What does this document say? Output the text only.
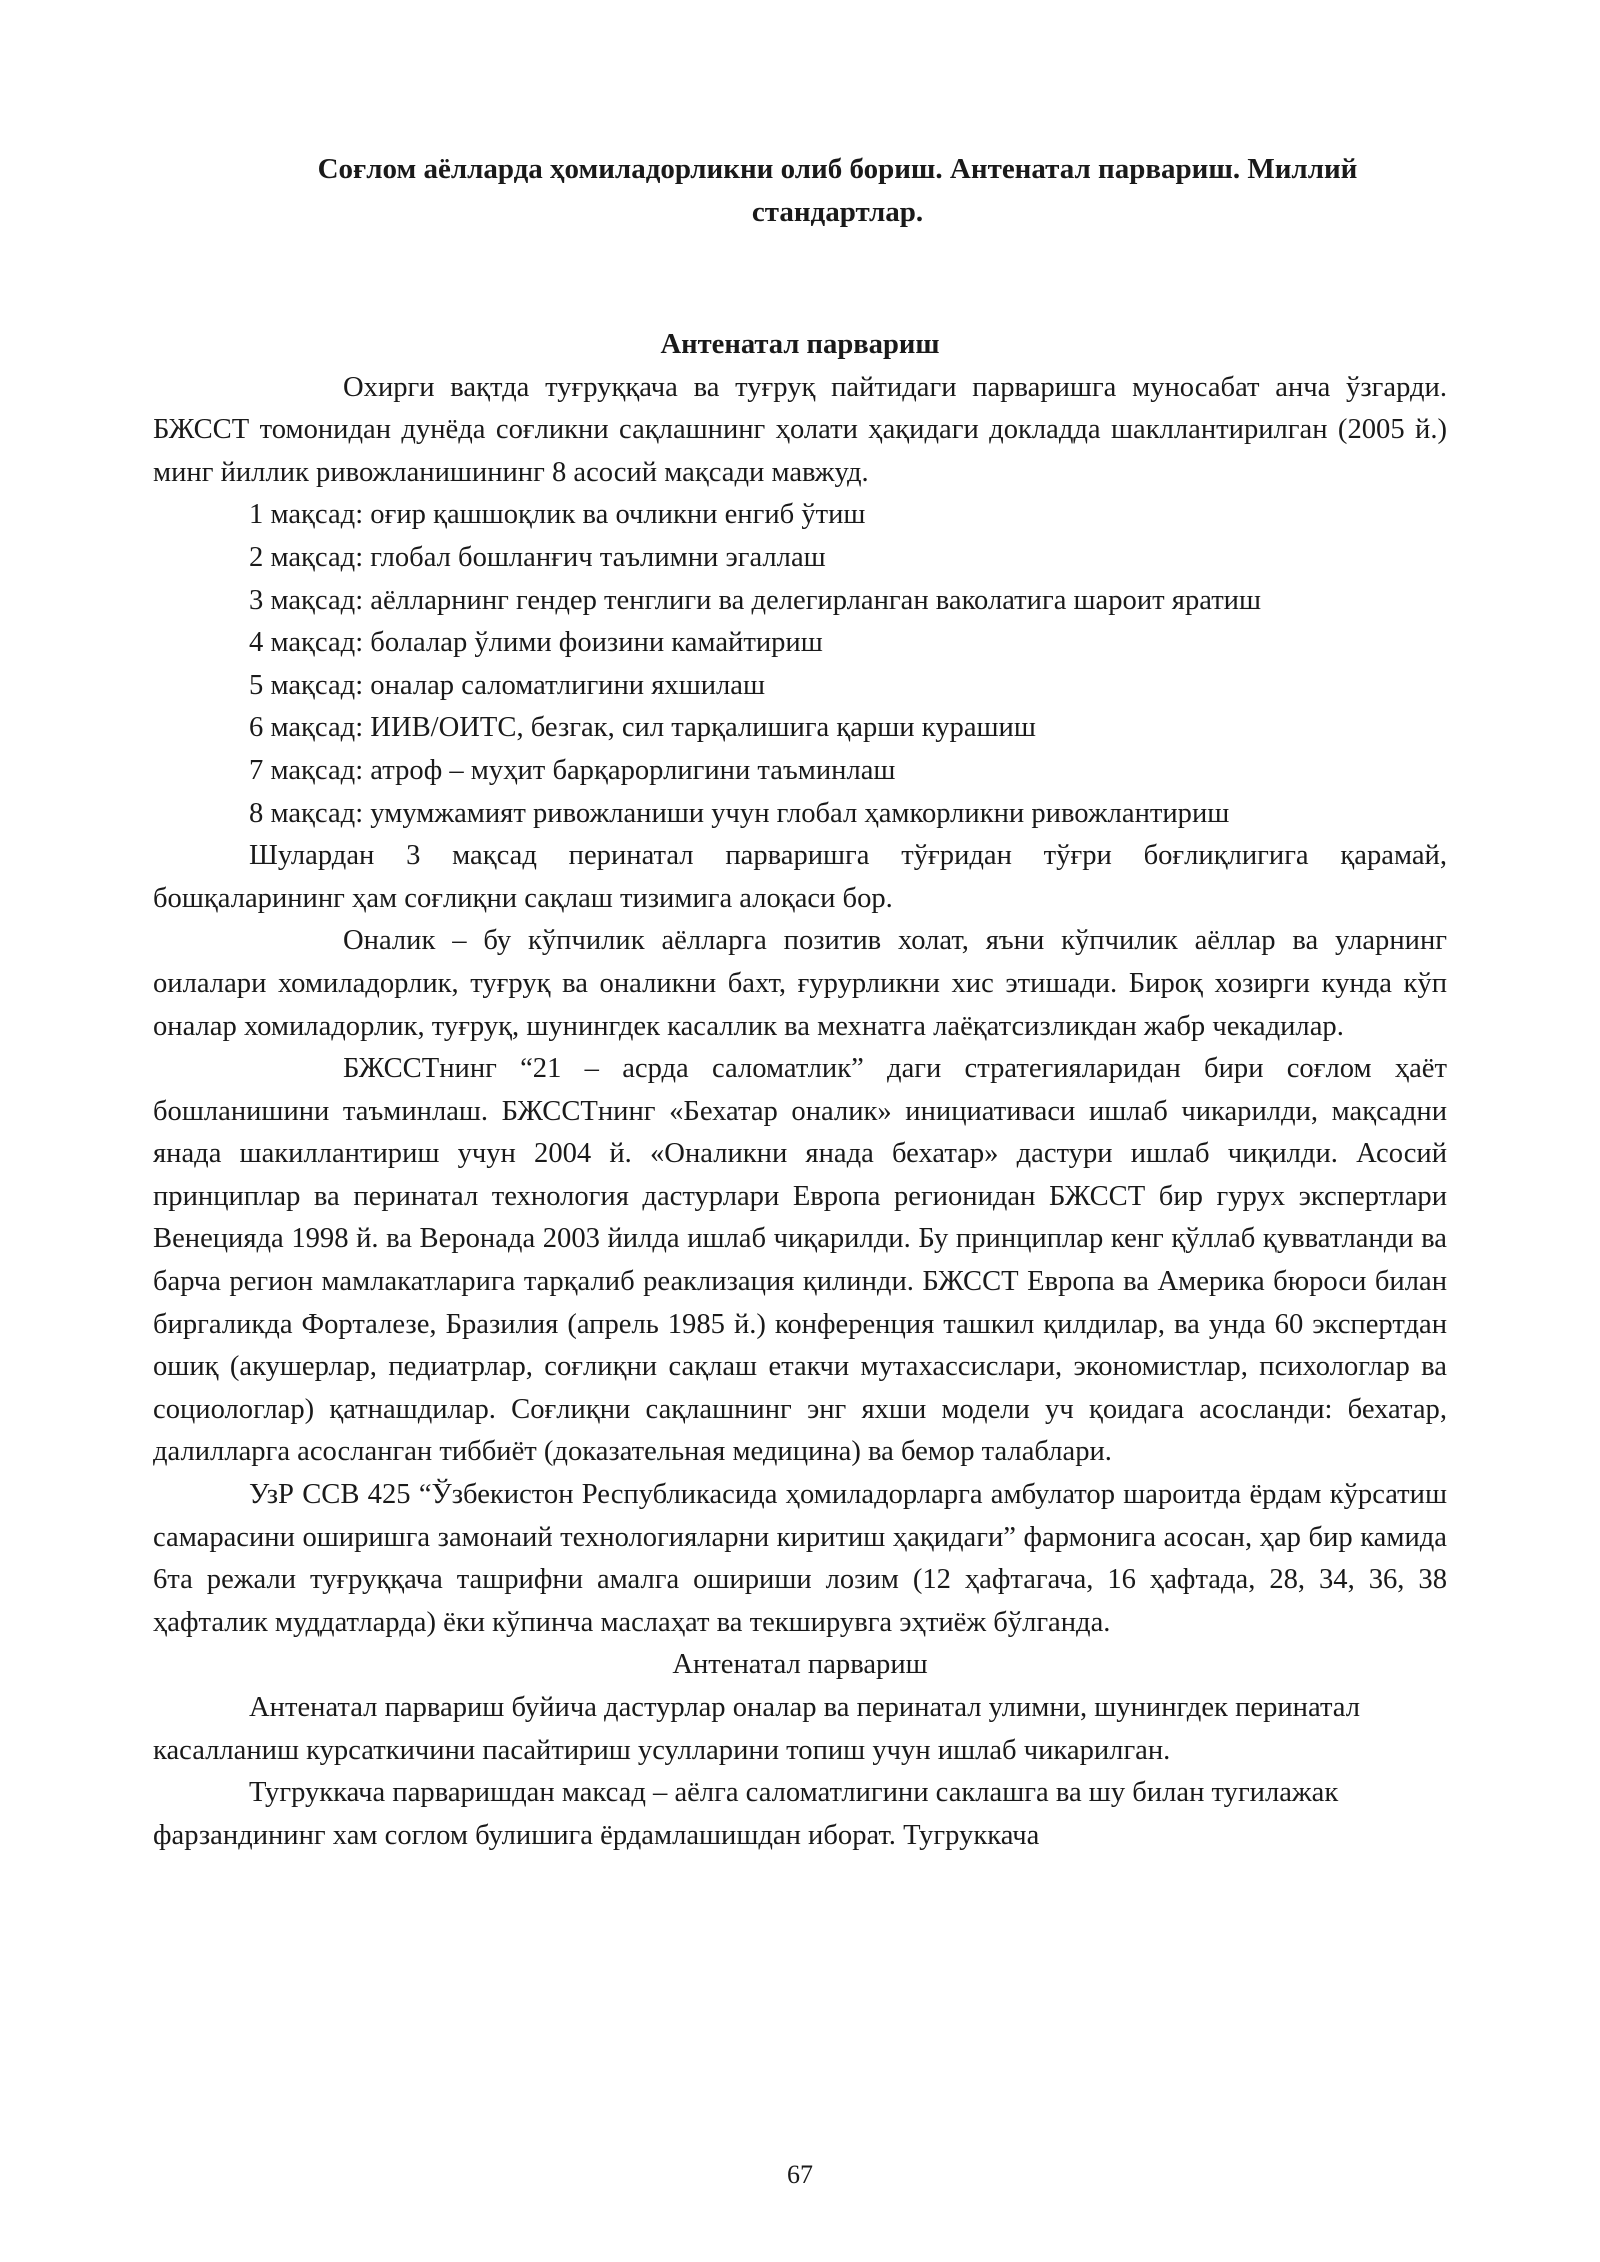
Соғлом аёлларда ҳомиладорликни олиб бориш. Антенатал парвариш. Миллий стандартлар.

Антенатал парвариш

Охирги вақтда туғруққача ва туғруқ пайтидаги парваришга муносабат анча ўзгарди. БЖССТ томонидан дунёда соғликни сақлашнинг ҳолати ҳақидаги докладда шакллантирилган (2005 й.) минг йиллик ривожланишининг 8 асосий мақсади мавжуд.

1 мақсад: оғир қашшоқлик ва очликни енгиб ўтиш

2 мақсад: глобал бошланғич таълимни эгаллаш

3 мақсад: аёлларнинг гендер тенглиги ва делегирланган ваколатига шароит яратиш

4 мақсад: болалар ўлими фоизини камайтириш

5 мақсад: оналар саломатлигини яхшилаш

6 мақсад: ИИВ/ОИТС, безгак, сил тарқалишига қарши курашиш

7 мақсад: атроф – муҳит барқарорлигини таъминлаш

8 мақсад: умумжамият ривожланиши учун глобал ҳамкорликни ривожлантириш

Шулардан 3 мақсад перинатал парваришга тўғридан тўғри боғлиқлигига қарамай, бошқаларининг ҳам соғлиқни сақлаш тизимига алоқаси бор.

Оналик – бу кўпчилик аёлларга позитив холат, яъни кўпчилик аёллар ва уларнинг оилалари хомиладорлик, туғруқ ва оналикни бахт, ғурурликни хис этишади. Бироқ хозирги кунда кўп оналар хомиладорлик, туғруқ, шунингдек касаллик ва мехнатга лаёқатсизликдан жабр чекадилар.

БЖССТнинг “21 – асрда саломатлик” даги стратегияларидан бири соғлом ҳаёт бошланишини таъминлаш. БЖССТнинг «Бехатар оналик» инициативаси ишлаб чикарилди, мақсадни янада шакиллантириш учун 2004 й. «Оналикни янада бехатар» дастури ишлаб чиқилди. Асосий принциплар ва перинатал технология дастурлари Европа регионидан БЖССТ бир гурух экспертлари Венецияда 1998 й. ва Веронада 2003 йилда ишлаб чиқарилди. Бу принциплар кенг қўллаб қувватланди ва барча регион мамлакатларига тарқалиб реаклизация қилинди. БЖССТ Европа ва Америка бюроси билан биргаликда Форталезе, Бразилия (апрель 1985 й.) конференция ташкил қилдилар, ва унда 60 экспертдан ошиқ (акушерлар, педиатрлар, соғлиқни сақлаш етакчи мутахассислари, экономистлар, психологлар ва социологлар) қатнашдилар. Соғлиқни сақлашнинг энг яхши модели уч қоидага асосланди: бехатар, далилларга асосланган тиббиёт (доказательная медицина) ва бемор талаблари.

УзР ССВ 425 “Ўзбекистон Республикасида ҳомиладорларга амбулатор шароитда ёрдам кўрсатиш самарасини оширишга замонаий технологияларни киритиш ҳақидаги” фармонига асосан, ҳар бир камида 6та режали туғруққача ташрифни амалга ошириши лозим (12 ҳафтагача, 16 ҳафтада, 28, 34, 36, 38 ҳафталик муддатларда) ёки кўпинча маслаҳат ва текширувга эҳтиёж бўлганда.

Антенатал парвариш

Антенатал парвариш буйича дастурлар оналар ва перинатал улимни, шунингдек перинатал касалланиш курсаткичини пасайтириш усулларини топиш учун ишлаб чикарилган.

Тугруккача парваришдан максад – аёлга саломатлигини саклашга ва шу билан тугилажак фарзандининг хам соглом булишига ёрдамлашишдан иборат. Тугруккача

67
